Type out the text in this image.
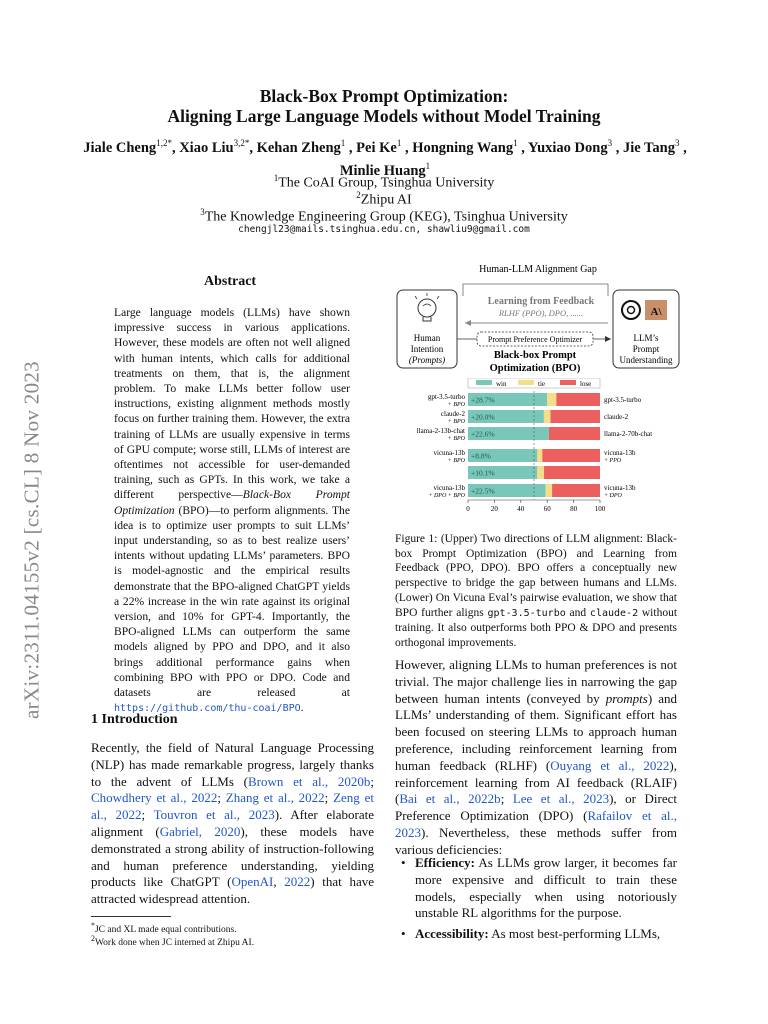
arXiv:2311.04155v2 [cs.CL] 8 Nov 2023
Black-Box Prompt Optimization:
Aligning Large Language Models without Model Training
Jiale Cheng$^{1,2*}$, Xiao Liu$^{3,2*}$, Kehan Zheng$^1$ , Pei Ke$^1$ , Hongning Wang$^1$ , Yuxiao Dong$^3$ , Jie Tang$^3$ , Minlie Huang$^1$
$^1$The CoAI Group, Tsinghua University
$^2$Zhipu AI
$^3$The Knowledge Engineering Group (KEG), Tsinghua University
chengjl23@mails.tsinghua.edu.cn, shawliu9@gmail.com
Abstract
Large language models (LLMs) have shown impressive success in various applications. However, these models are often not well aligned with human intents, which calls for additional treatments on them, that is, the alignment problem. To make LLMs better follow user instructions, existing alignment methods mostly focus on further training them. However, the extra training of LLMs are usually expensive in terms of GPU compute; worse still, LLMs of interest are oftentimes not accessible for user-demanded training, such as GPTs. In this work, we take a different perspective—Black-Box Prompt Optimization (BPO)—to perform alignments. The idea is to optimize user prompts to suit LLMs’ input understanding, so as to best realize users’ intents without updating LLMs’ parameters. BPO is model-agnostic and the empirical results demonstrate that the BPO-aligned ChatGPT yields a 22% increase in the win rate against its original version, and 10% for GPT-4. Importantly, the BPO-aligned LLMs can outperform the same models aligned by PPO and DPO, and it also brings additional performance gains when combining BPO with PPO or DPO. Code and datasets are released at https://github.com/thu-coai/BPO.
1 Introduction
Recently, the field of Natural Language Processing (NLP) has made remarkable progress, largely thanks to the advent of LLMs (Brown et al., 2020b; Chowdhery et al., 2022; Zhang et al., 2022; Zeng et al., 2022; Touvron et al., 2023). After elaborate alignment (Gabriel, 2020), these models have demonstrated a strong ability of instruction-following and human preference understanding, yielding products like ChatGPT (OpenAI, 2022) that have attracted widespread attention.
*JC and XL made equal contributions.
$^2$Work done when JC interned at Zhipu AI.
Human-LLM Alignment Gap
Human
Intention
(Prompts)
Learning from Feedback
RLHF (PPO), DPO, ......
Prompt Preference Optimizer
Black-box Prompt
Optimization (BPO)
A\
LLM’s
Prompt
Understanding
win	tie	lose
+28.7%
gpt-3.5-turbo
+ BPO
gpt-3.5-turbo
+20.0%
claude-2
+ BPO
claude-2
+22.6%
llama-2-13b-chat
+ BPO
llama-2-70b-chat
+8.8%
vicuna-13b
+ BPO
vicuna-13b
+ PPO
+10.1%
+22.5%
vicuna-13b
+ DPO + BPO
vicuna-13b
+ DPO
0	20	40	60	80	100
Figure 1: (Upper) Two directions of LLM alignment: Black-box Prompt Optimization (BPO) and Learning from Feedback (PPO, DPO). BPO offers a conceptually new perspective to bridge the gap between humans and LLMs. (Lower) On Vicuna Eval’s pairwise evaluation, we show that BPO further aligns gpt-3.5-turbo and claude-2 without training. It also outperforms both PPO & DPO and presents orthogonal improvements.
However, aligning LLMs to human preferences is not trivial. The major challenge lies in narrowing the gap between human intents (conveyed by prompts) and LLMs’ understanding of them. Significant effort has been focused on steering LLMs to approach human preference, including reinforcement learning from human feedback (RLHF) (Ouyang et al., 2022), reinforcement learning from AI feedback (RLAIF) (Bai et al., 2022b; Lee et al., 2023), or Direct Preference Optimization (DPO) (Rafailov et al., 2023). Nevertheless, these methods suffer from various deficiencies:
• Efficiency: As LLMs grow larger, it becomes far more expensive and difficult to train these models, especially when using notoriously unstable RL algorithms for the purpose.
• Accessibility: As most best-performing LLMs,
